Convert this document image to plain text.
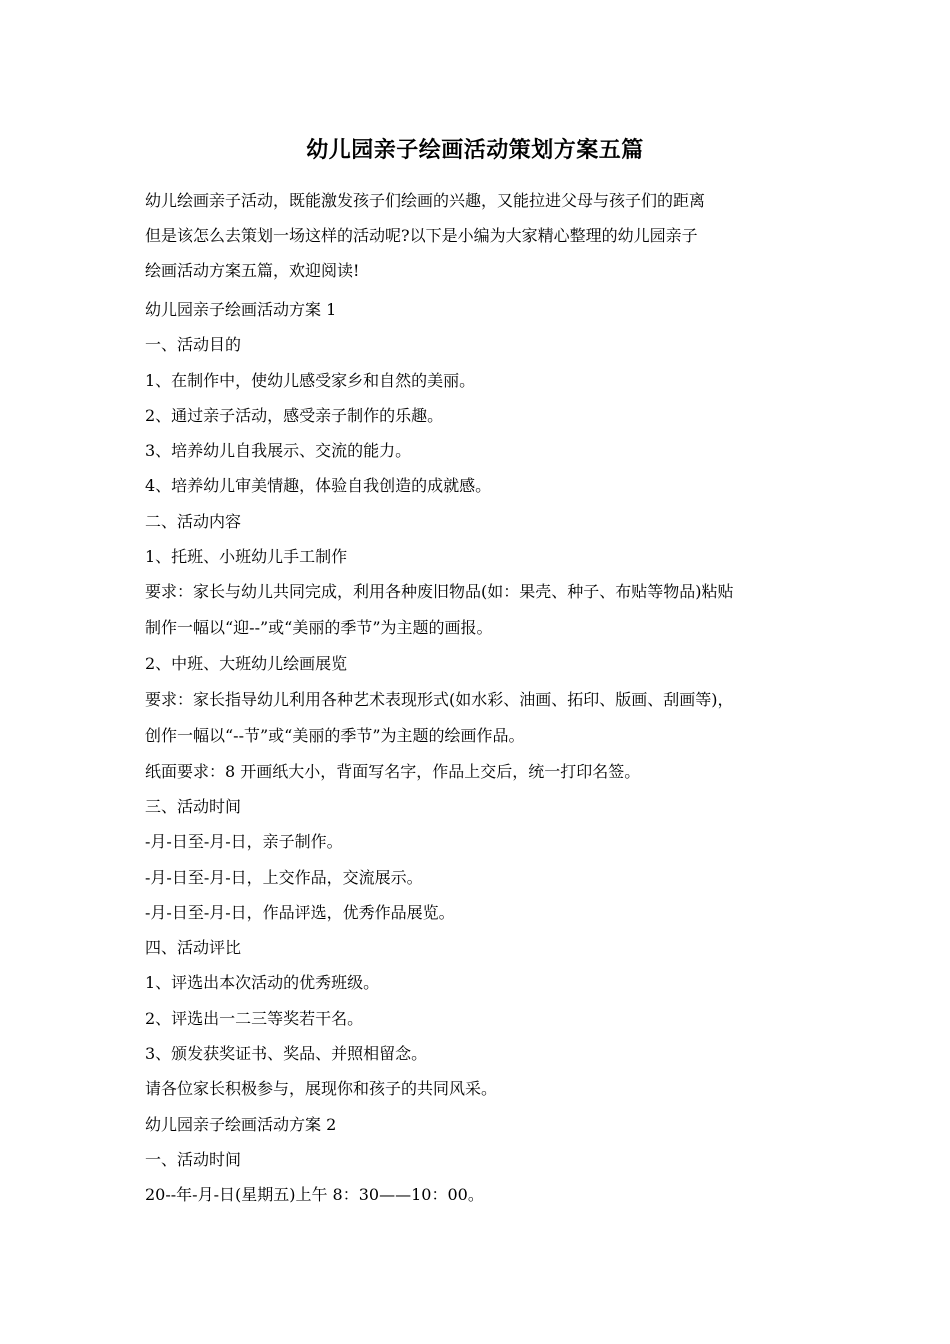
幼儿园亲子绘画活动策划方案五篇

幼儿绘画亲子活动，既能激发孩子们绘画的兴趣，又能拉进父母与孩子们的距离

但是该怎么去策划一场这样的活动呢?以下是小编为大家精心整理的幼儿园亲子

绘画活动方案五篇，欢迎阅读!

幼儿园亲子绘画活动方案 1

一、活动目的

1、在制作中，使幼儿感受家乡和自然的美丽。

2、通过亲子活动，感受亲子制作的乐趣。

3、培养幼儿自我展示、交流的能力。

4、培养幼儿审美情趣，体验自我创造的成就感。

二、活动内容

1、托班、小班幼儿手工制作

要求：家长与幼儿共同完成，利用各种废旧物品(如：果壳、种子、布贴等物品)粘贴

制作一幅以“迎--”或“美丽的季节”为主题的画报。

2、中班、大班幼儿绘画展览

要求：家长指导幼儿利用各种艺术表现形式(如水彩、油画、拓印、版画、刮画等)，

创作一幅以“--节”或“美丽的季节”为主题的绘画作品。

纸面要求：8 开画纸大小，背面写名字，作品上交后，统一打印名签。

三、活动时间

-月-日至-月-日，亲子制作。

-月-日至-月-日，上交作品，交流展示。

-月-日至-月-日，作品评选，优秀作品展览。

四、活动评比

1、评选出本次活动的优秀班级。

2、评选出一二三等奖若干名。

3、颁发获奖证书、奖品、并照相留念。

请各位家长积极参与，展现你和孩子的共同风采。

幼儿园亲子绘画活动方案 2

一、活动时间

20--年-月-日(星期五)上午 8：30——10：00。
